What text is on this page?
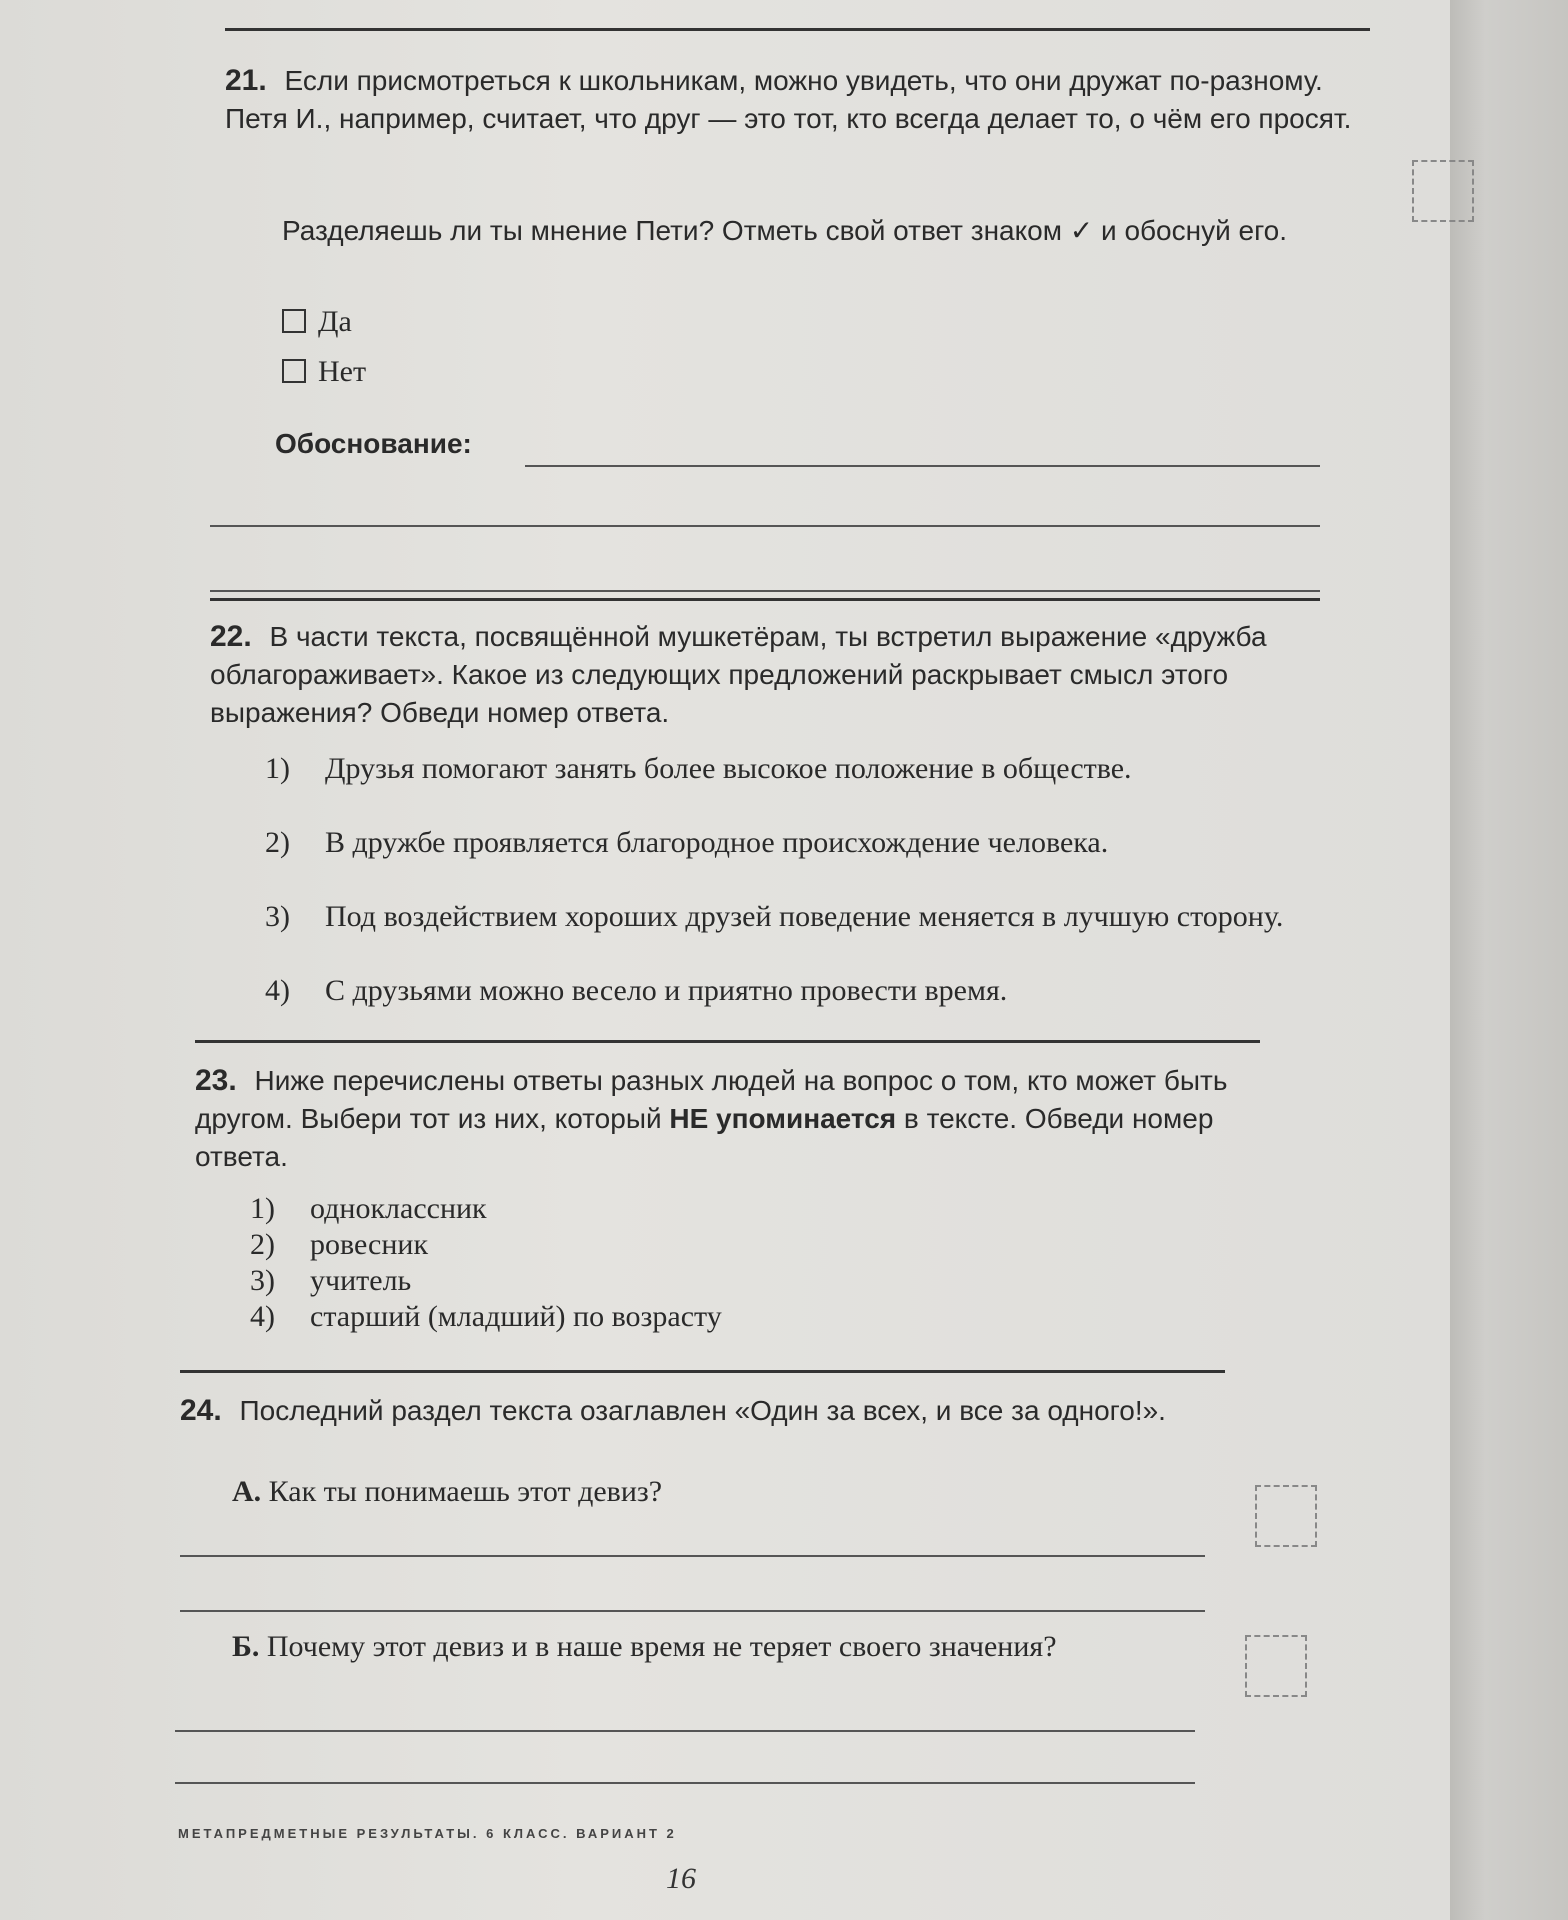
21. Если присмотреться к школьникам, можно увидеть, что они дружат по-разному. Петя И., например, считает, что друг — это тот, кто всегда делает то, о чём его просят.
Разделяешь ли ты мнение Пети? Отметь свой ответ знаком ✓ и обоснуй его.
Да
Нет
Обоснование:
22. В части текста, посвящённой мушкетёрам, ты встретил выражение «дружба облагораживает». Какое из следующих предложений раскрывает смысл этого выражения? Обведи номер ответа.
1) Друзья помогают занять более высокое положение в обществе.
2) В дружбе проявляется благородное происхождение человека.
3) Под воздействием хороших друзей поведение меняется в лучшую сторону.
4) С друзьями можно весело и приятно провести время.
23. Ниже перечислены ответы разных людей на вопрос о том, кто может быть другом. Выбери тот из них, который НЕ упоминается в тексте. Обведи номер ответа.
1) одноклассник
2) ровесник
3) учитель
4) старший (младший) по возрасту
24. Последний раздел текста озаглавлен «Один за всех, и все за одного!».
А. Как ты понимаешь этот девиз?
Б. Почему этот девиз и в наше время не теряет своего значения?
МЕТАПРЕДМЕТНЫЕ РЕЗУЛЬТАТЫ. 6 КЛАСС. ВАРИАНТ 2
16
